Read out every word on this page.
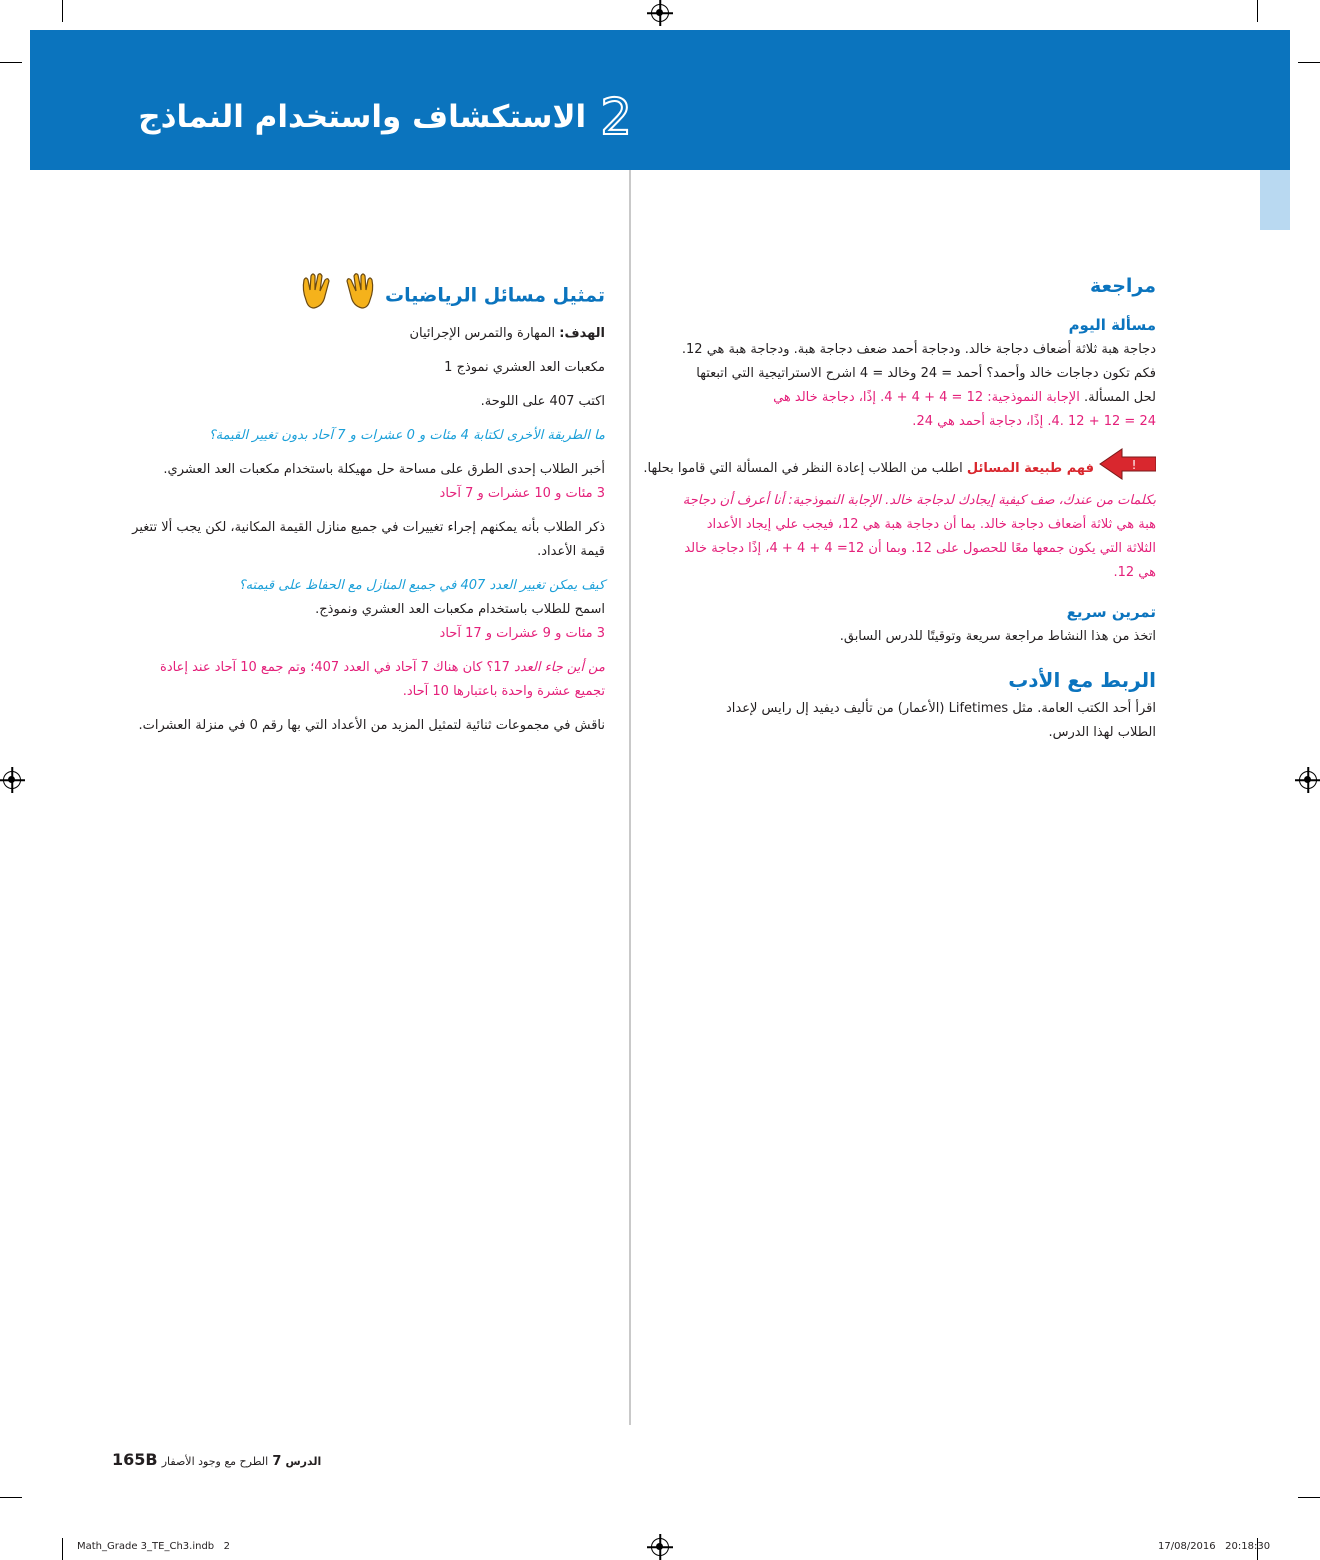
2
الاستكشاف واستخدام النماذج
مراجعة
مسألة اليوم

دجاجة هبة ثلاثة أضعاف دجاجة خالد. ودجاجة أحمد ضعف دجاجة هبة. ودجاجة هبة هي 12.

فكم تكون دجاجات خالد وأحمد؟ أحمد = 24 وخالد = 4 اشرح الاستراتيجية التي اتبعتها

لحل المسألة. الإجابة النموذجية: 12 = 4 + 4 + 4. إذًا، دجاجة خالد هي

24 = 12 + 12 .4. إذًا، دجاجة أحمد هي 24.

!
فهم طبيعة المسائل اطلب من الطلاب إعادة النظر في المسألة التي قاموا بحلها.

بكلمات من عندك، صف كيفية إيجادك لدجاجة خالد. الإجابة النموذجية: أنا أعرف أن دجاجة

هبة هي ثلاثة أضعاف دجاجة خالد. بما أن دجاجة هبة هي 12، فيجب علي إيجاد الأعداد

الثلاثة التي يكون جمعها معًا للحصول على 12. وبما أن 12= 4 + 4 + 4، إذًا دجاجة خالد

هي 12.

تمرين سريع

اتخذ من هذا النشاط مراجعة سريعة وتوقيتًا للدرس السابق.

الربط مع الأدب

اقرأ أحد الكتب العامة. مثل Lifetimes (الأعمار) من تأليف ديفيد إل رايس لإعداد

الطلاب لهذا الدرس.

تمثيل مسائل الرياضيات

الهدف: المهارة والتمرس الإجرائيان

مكعبات العد العشري نموذج 1

اكتب 407 على اللوحة.

ما الطريقة الأخرى لكتابة 4 مئات و 0 عشرات و 7 آحاد بدون تغيير القيمة؟

أخبر الطلاب إحدى الطرق على مساحة حل مهيكلة باستخدام مكعبات العد العشري.

3 مئات و 10 عشرات و 7 آحاد

ذكر الطلاب بأنه يمكنهم إجراء تغييرات في جميع منازل القيمة المكانية، لكن يجب ألا تتغير

قيمة الأعداد.

كيف يمكن تغيير العدد 407 في جميع المنازل مع الحفاظ على قيمته؟

اسمح للطلاب باستخدام مكعبات العد العشري ونموذج.

3 مئات و 9 عشرات و 17 آحاد

من أين جاء العدد 17؟ كان هناك 7 آحاد في العدد 407؛ وتم جمع 10 آحاد عند إعادة

تجميع عشرة واحدة باعتبارها 10 آحاد.

ناقش في مجموعات ثنائية لتمثيل المزيد من الأعداد التي بها رقم 0 في منزلة العشرات.

الدرس 7 الطرح مع وجود الأصفار 165B
Math_Grade 3_TE_Ch3.indb   2	17/08/2016   20:18:30
